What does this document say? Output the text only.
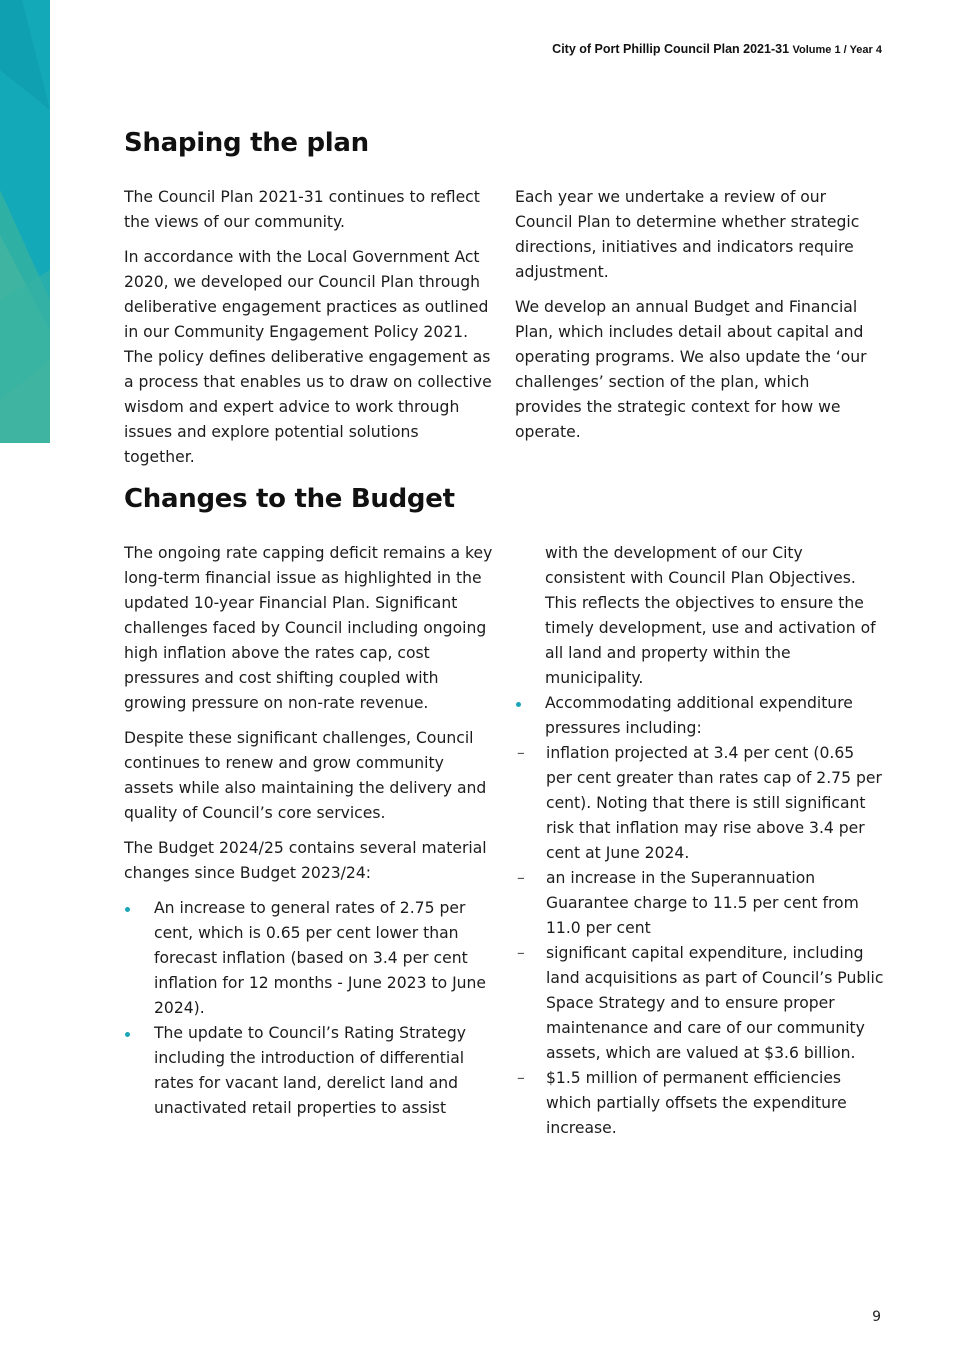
City of Port Phillip Council Plan 2021-31 Volume 1 / Year 4
Shaping the plan

The Council Plan 2021-31 continues to reflect the views of our community.

In accordance with the Local Government Act 2020, we developed our Council Plan through deliberative engagement practices as outlined in our Community Engagement Policy 2021. The policy defines deliberative engagement as a process that enables us to draw on collective wisdom and expert advice to work through issues and explore potential solutions together.

Each year we undertake a review of our Council Plan to determine whether strategic directions, initiatives and indicators require adjustment.

We develop an annual Budget and Financial Plan, which includes detail about capital and operating programs. We also update the ‘our challenges’ section of the plan, which provides the strategic context for how we operate.

Changes to the Budget

The ongoing rate capping deficit remains a key long-term financial issue as highlighted in the updated 10-year Financial Plan. Significant challenges faced by Council including ongoing high inflation above the rates cap, cost pressures and cost shifting coupled with growing pressure on non-rate revenue.

Despite these significant challenges, Council continues to renew and grow community assets while also maintaining the delivery and quality of Council’s core services.

The Budget 2024/25 contains several material changes since Budget 2023/24:

An increase to general rates of 2.75 per cent, which is 0.65 per cent lower than forecast inflation (based on 3.4 per cent inflation for 12 months - June 2023 to June 2024).
The update to Council’s Rating Strategy including the introduction of differential rates for vacant land, derelict land and unactivated retail properties to assist
with the development of our City consistent with Council Plan Objectives. This reflects the objectives to ensure the timely development, use and activation of all land and property within the municipality.
Accommodating additional expenditure pressures including:
– inflation projected at 3.4 per cent (0.65 per cent greater than rates cap of 2.75 per cent). Noting that there is still significant risk that inflation may rise above 3.4 per cent at June 2024.
– an increase in the Superannuation Guarantee charge to 11.5 per cent from 11.0 per cent
– significant capital expenditure, including land acquisitions as part of Council’s Public Space Strategy and to ensure proper maintenance and care of our community assets, which are valued at $3.6 billion.
– $1.5 million of permanent efficiencies which partially offsets the expenditure increase.
9
